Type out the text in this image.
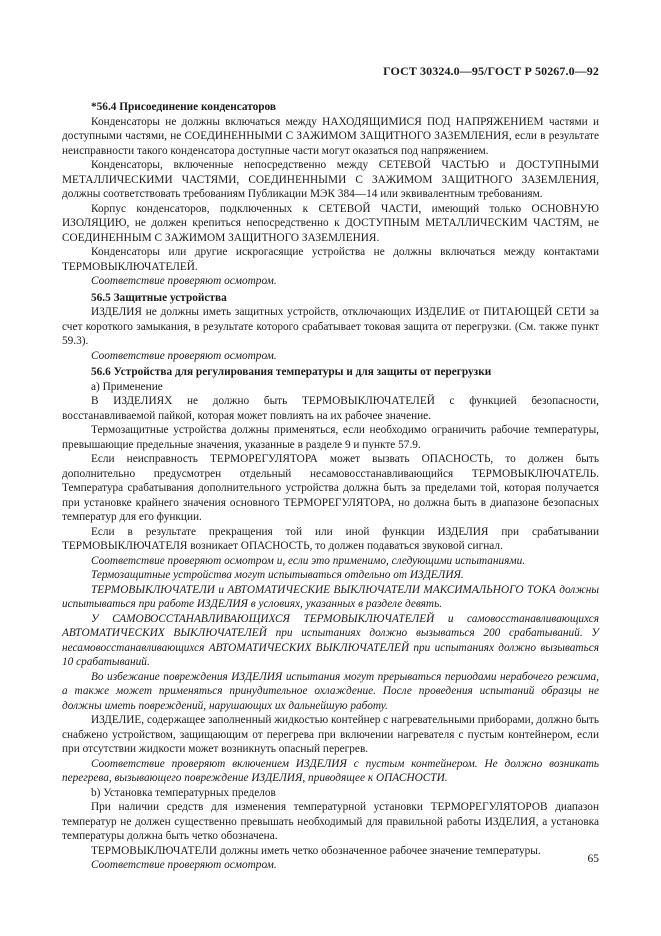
ГОСТ 30324.0—95/ГОСТ Р 50267.0—92

*56.4 Присоединение конденсаторов

Конденсаторы не должны включаться между НАХОДЯЩИМИСЯ ПОД НАПРЯЖЕНИЕМ частями и доступными частями, не СОЕДИНЕННЫМИ С ЗАЖИМОМ ЗАЩИТНОГО ЗАЗЕМЛЕНИЯ, если в результате неисправности такого конденсатора доступные части могут оказаться под напряжением.

Конденсаторы, включенные непосредственно между СЕТЕВОЙ ЧАСТЬЮ и ДОСТУПНЫМИ МЕТАЛЛИЧЕСКИМИ ЧАСТЯМИ, СОЕДИНЕННЫМИ С ЗАЖИМОМ ЗАЩИТНОГО ЗАЗЕМЛЕНИЯ, должны соответствовать требованиям Публикации МЭК 384—14 или эквивалентным требованиям.

Корпус конденсаторов, подключенных к СЕТЕВОЙ ЧАСТИ, имеющий только ОСНОВНУЮ ИЗОЛЯЦИЮ, не должен крепиться непосредственно к ДОСТУПНЫМ МЕТАЛЛИЧЕСКИМ ЧАСТЯМ, не СОЕДИНЕННЫМ С ЗАЖИМОМ ЗАЩИТНОГО ЗАЗЕМЛЕНИЯ.

Конденсаторы или другие искрогасящие устройства не должны включаться между контактами ТЕРМОВЫКЛЮЧАТЕЛЕЙ.

Соответствие проверяют осмотром.

56.5 Защитные устройства

ИЗДЕЛИЯ не должны иметь защитных устройств, отключающих ИЗДЕЛИЕ от ПИТАЮЩЕЙ СЕТИ за счет короткого замыкания, в результате которого срабатывает токовая защита от перегрузки. (См. также пункт 59.3).

Соответствие проверяют осмотром.

56.6 Устройства для регулирования температуры и для защиты от перегрузки

a) Применение

В ИЗДЕЛИЯХ не должно быть ТЕРМОВЫКЛЮЧАТЕЛЕЙ с функцией безопасности, восстанавливаемой пайкой, которая может повлиять на их рабочее значение.

Термозащитные устройства должны применяться, если необходимо ограничить рабочие температуры, превышающие предельные значения, указанные в разделе 9 и пункте 57.9.

Если неисправность ТЕРМОРЕГУЛЯТОРА может вызвать ОПАСНОСТЬ, то должен быть дополнительно предусмотрен отдельный несамовосстанавливающийся ТЕРМОВЫКЛЮЧАТЕЛЬ. Температура срабатывания дополнительного устройства должна быть за пределами той, которая получается при установке крайнего значения основного ТЕРМОРЕГУЛЯТОРА, но должна быть в диапазоне безопасных температур для его функции.

Если в результате прекращения той или иной функции ИЗДЕЛИЯ при срабатывании ТЕРМОВЫКЛЮЧАТЕЛЯ возникает ОПАСНОСТЬ, то должен подаваться звуковой сигнал.

Соответствие проверяют осмотром и, если это применимо, следующими испытаниями.

Термозащитные устройства могут испытываться отдельно от ИЗДЕЛИЯ.

ТЕРМОВЫКЛЮЧАТЕЛИ и АВТОМАТИЧЕСКИЕ ВЫКЛЮЧАТЕЛИ МАКСИМАЛЬНОГО ТОКА должны испытываться при работе ИЗДЕЛИЯ в условиях, указанных в разделе девять.

У САМОВОССТАНАВЛИВАЮЩИХСЯ ТЕРМОВЫКЛЮЧАТЕЛЕЙ и самовосстанавливающихся АВТОМАТИЧЕСКИХ ВЫКЛЮЧАТЕЛЕЙ при испытаниях должно вызываться 200 срабатываний. У несамовосстанавливающихся АВТОМАТИЧЕСКИХ ВЫКЛЮЧАТЕЛЕЙ при испытаниях должно вызываться 10 срабатываний.

Во избежание повреждения ИЗДЕЛИЯ испытания могут прерываться периодами нерабочего режима, а также может применяться принудительное охлаждение. После проведения испытаний образцы не должны иметь повреждений, нарушающих их дальнейшую работу.

ИЗДЕЛИЕ, содержащее заполненный жидкостью контейнер с нагревательными приборами, должно быть снабжено устройством, защищающим от перегрева при включении нагревателя с пустым контейнером, если при отсутствии жидкости может возникнуть опасный перегрев.

Соответствие проверяют включением ИЗДЕЛИЯ с пустым контейнером. Не должно возникать перегрева, вызывающего повреждение ИЗДЕЛИЯ, приводящее к ОПАСНОСТИ.

b) Установка температурных пределов

При наличии средств для изменения температурной установки ТЕРМОРЕГУЛЯТОРОВ диапазон температур не должен существенно превышать необходимый для правильной работы ИЗДЕЛИЯ, а установка температуры должна быть четко обозначена.

ТЕРМОВЫКЛЮЧАТЕЛИ должны иметь четко обозначенное рабочее значение температуры.

Соответствие проверяют осмотром.	65
